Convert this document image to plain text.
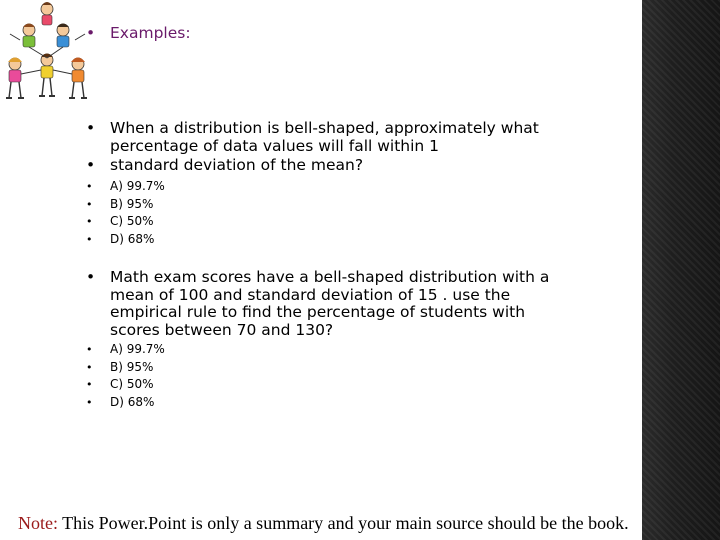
• Examples:
• When a distribution is bell-shaped, approximately what
percentage of data values will fall within 1
• standard deviation of the mean?
• A) 99.7%
• B) 95%
• C) 50%
• D) 68%
• Math exam scores have a bell-shaped distribution with a
mean of 100 and standard deviation of 15 . use the
empirical rule to find the percentage of students with
scores between 70 and 130?
• A) 99.7%
• B) 95%
• C) 50%
• D) 68%
Note: This Power.Point is only a summary and your main source should be the book.
